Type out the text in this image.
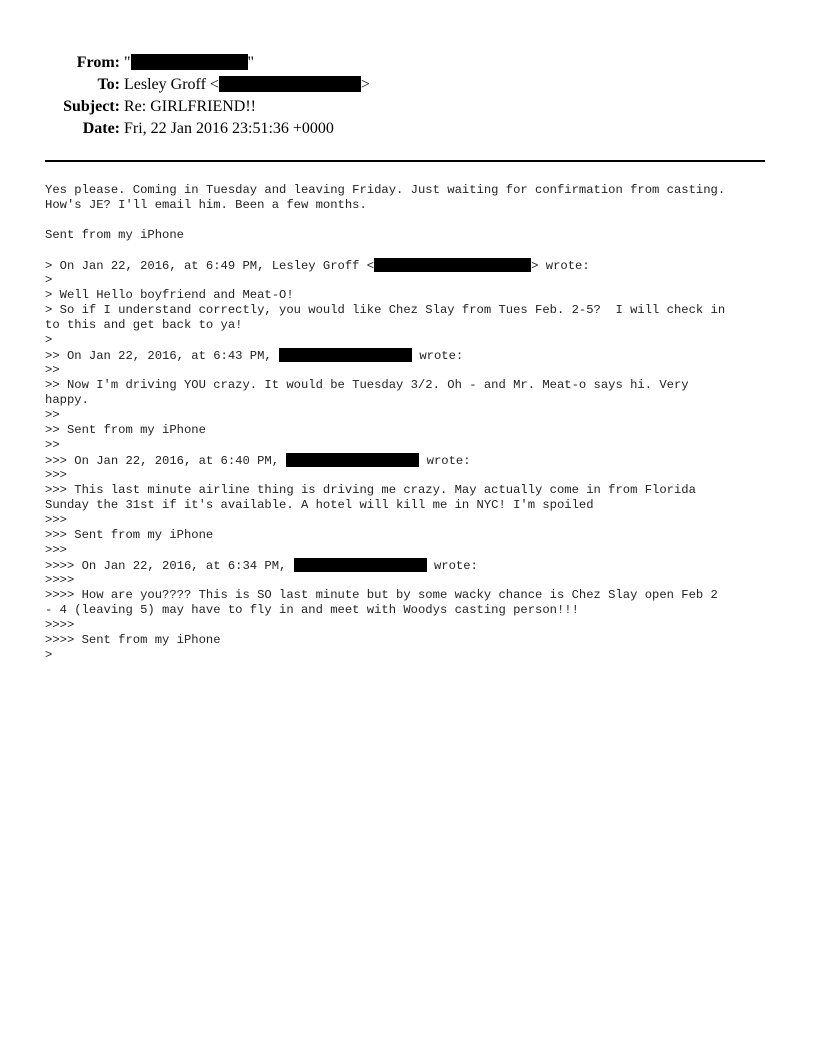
From: "	"
To: Lesley Groff <	>
Subject: Re: GIRLFRIEND!!
Date: Fri, 22 Jan 2016 23:51:36 +0000
Yes please. Coming in Tuesday and leaving Friday. Just waiting for confirmation from casting.
How's JE? I'll email him. Been a few months.
Sent from my iPhone
> On Jan 22, 2016, at 6:49 PM, Lesley Groff <	> wrote:
>
> Well Hello boyfriend and Meat-O!
> So if I understand correctly, you would like Chez Slay from Tues Feb. 2-5?  I will check in
to this and get back to ya!
>
>> On Jan 22, 2016, at 6:43 PM,	wrote:
>>
>> Now I'm driving YOU crazy. It would be Tuesday 3/2. Oh - and Mr. Meat-o says hi. Very
happy.
>>
>> Sent from my iPhone
>>
>>> On Jan 22, 2016, at 6:40 PM,	wrote:
>>>
>>> This last minute airline thing is driving me crazy. May actually come in from Florida
Sunday the 31st if it's available. A hotel will kill me in NYC! I'm spoiled
>>>
>>> Sent from my iPhone
>>>
>>>> On Jan 22, 2016, at 6:34 PM,	wrote:
>>>>
>>>> How are you???? This is SO last minute but by some wacky chance is Chez Slay open Feb 2
- 4 (leaving 5) may have to fly in and meet with Woodys casting person!!!
>>>>
>>>> Sent from my iPhone
>
